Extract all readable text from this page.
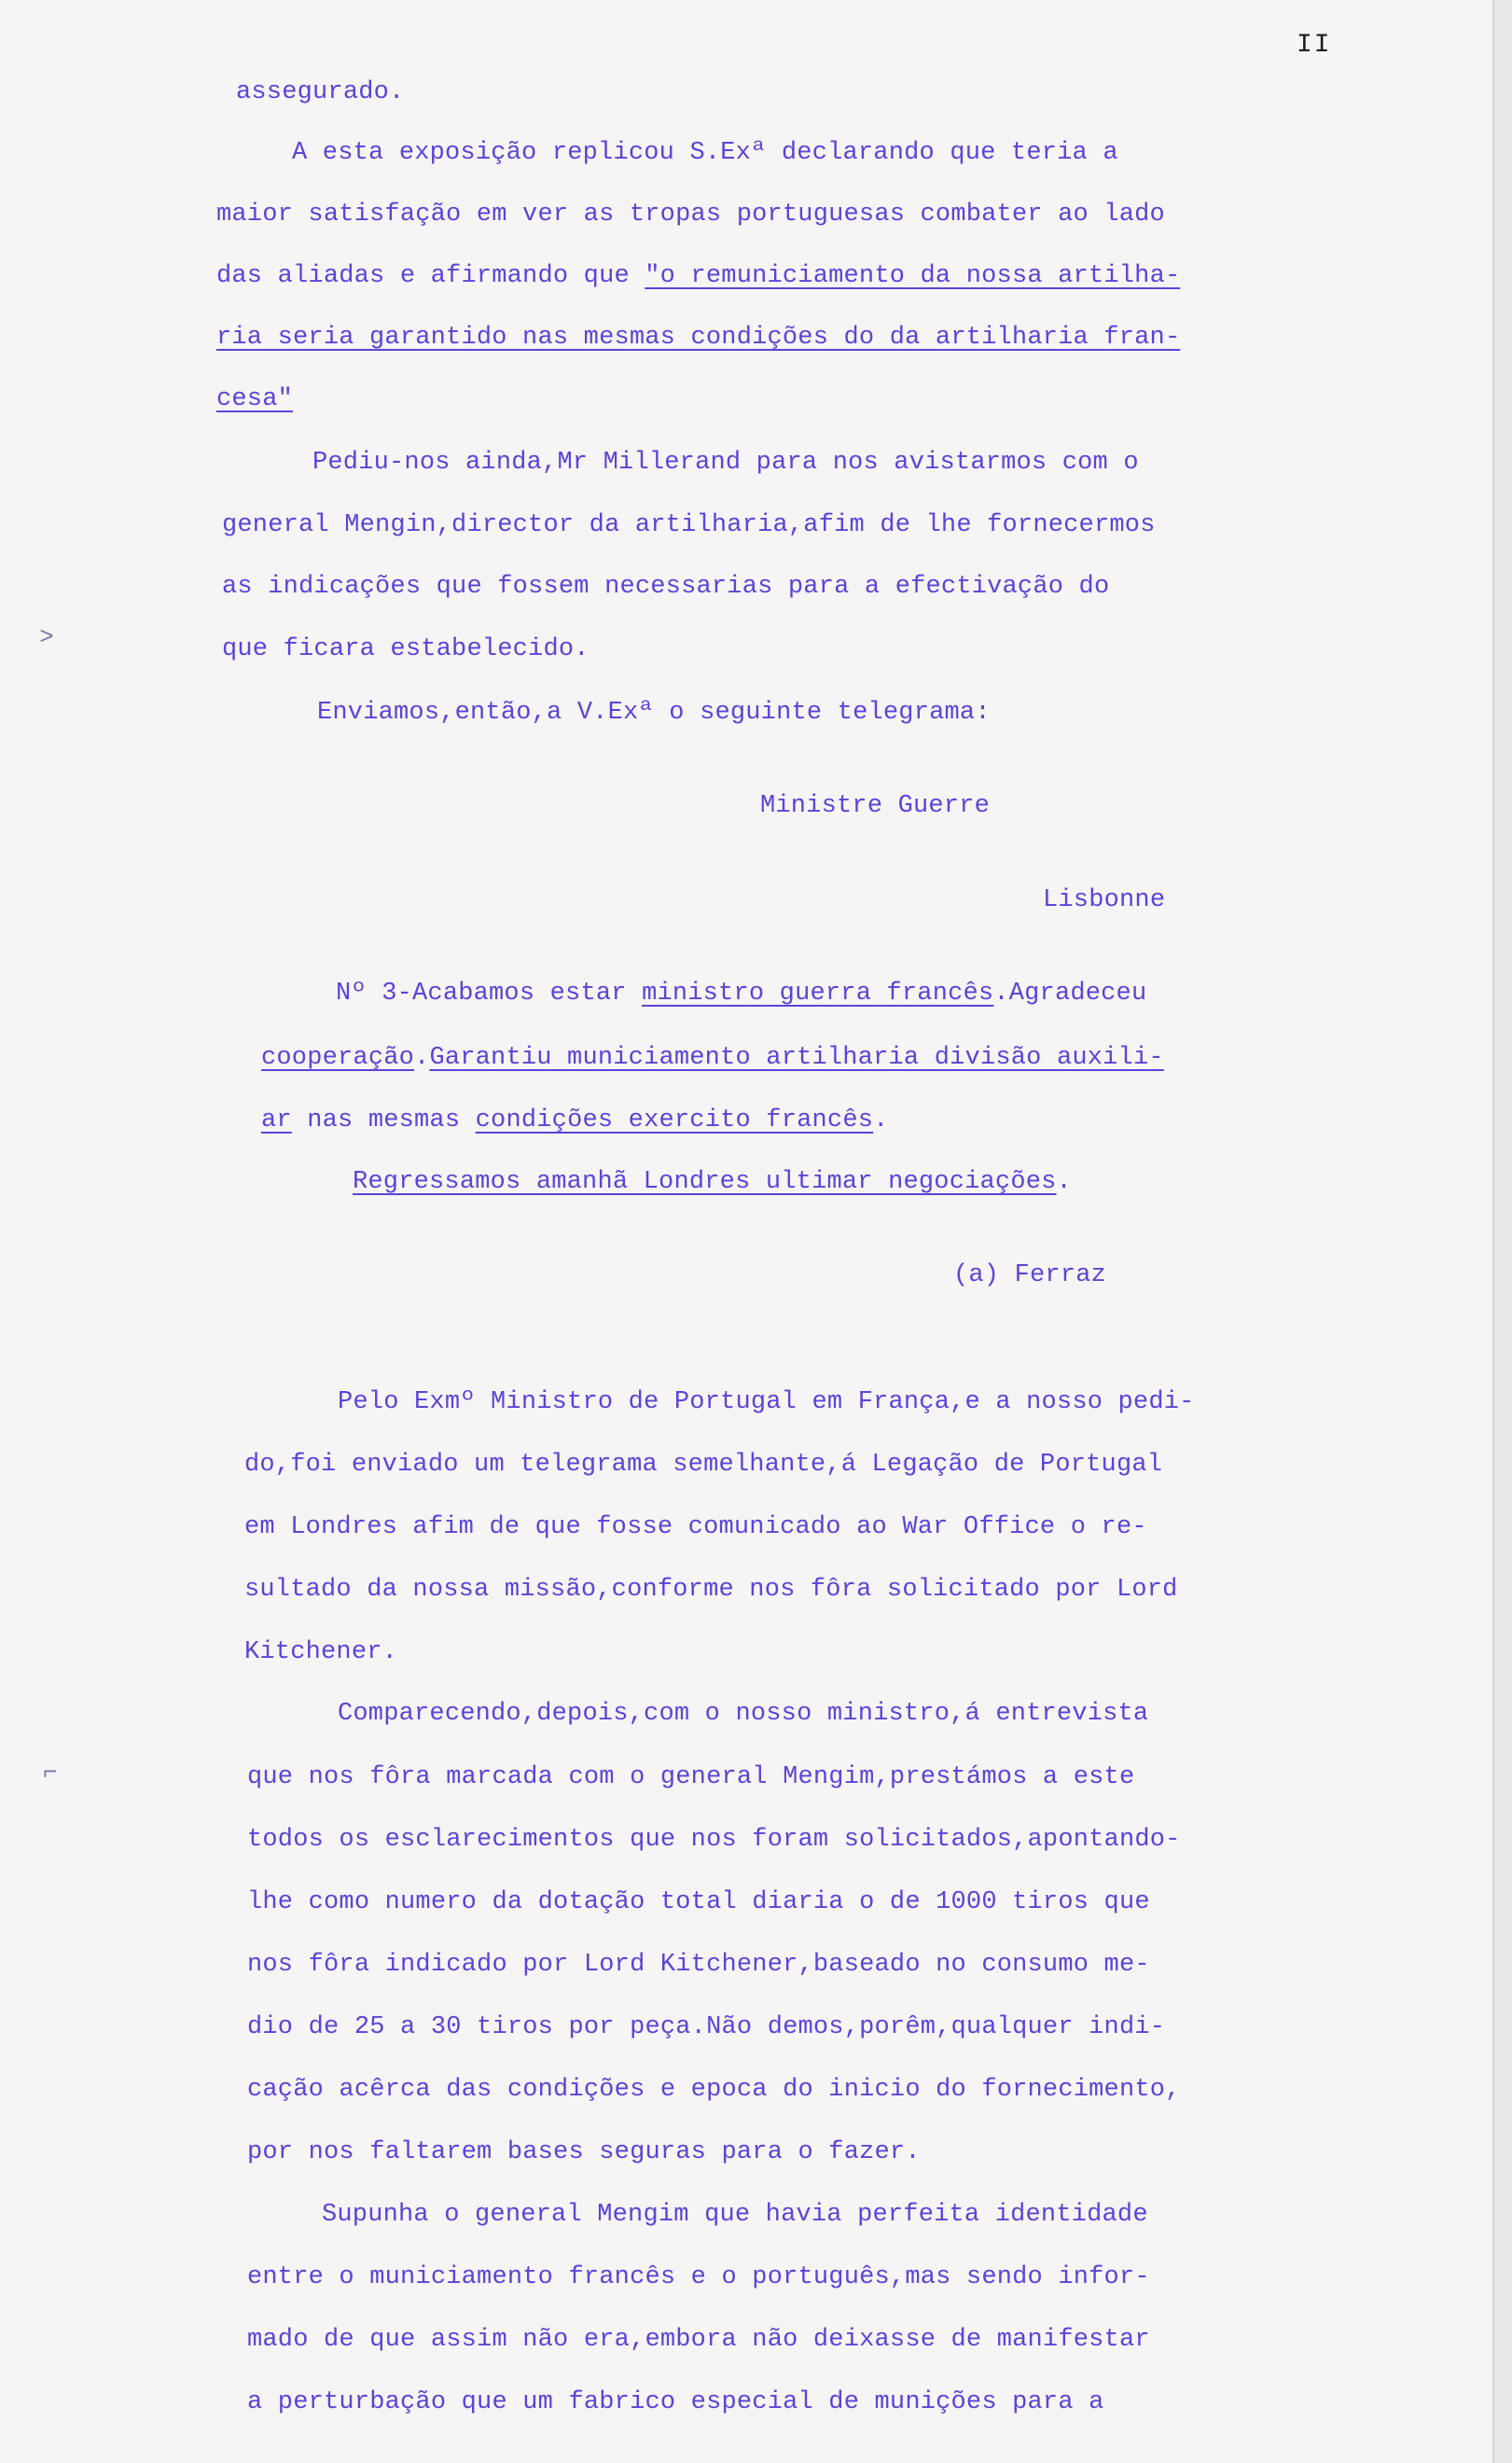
II
assegurado.
A esta exposição replicou S.Exª declarando que teria a
maior satisfação em ver as tropas portuguesas combater ao lado
das aliadas e afirmando que "o remuniciamento da nossa artilha-
ria seria garantido nas mesmas condições do da artilharia fran-
cesa"
Pediu-nos ainda,Mr Millerand para nos avistarmos com o
general Mengin,director da artilharia,afim de lhe fornecermos
as indicações que fossem necessarias para a efectivação do
que ficara estabelecido.
Enviamos,então,a V.Exª o seguinte telegrama:
Ministre Guerre
Lisbonne
Nº 3-Acabamos estar ministro guerra francês.Agradeceu
cooperação.Garantiu municiamento artilharia divisão auxili-
ar nas mesmas condições exercito francês.
Regressamos amanhã Londres ultimar negociações.
(a) Ferraz
Pelo Exmº Ministro de Portugal em França,e a nosso pedi-
do,foi enviado um telegrama semelhante,á Legação de Portugal
em Londres afim de que fosse comunicado ao War Office o re-
sultado da nossa missão,conforme nos fôra solicitado por Lord
Kitchener.
Comparecendo,depois,com o nosso ministro,á entrevista
que nos fôra marcada com o general Mengim,prestámos a este
todos os esclarecimentos que nos foram solicitados,apontando-
lhe como numero da dotação total diaria o de 1000 tiros que
nos fôra indicado por Lord Kitchener,baseado no consumo me-
dio de 25 a 30 tiros por peça.Não demos,porêm,qualquer indi-
cação acêrca das condições e epoca do inicio do fornecimento,
por nos faltarem bases seguras para o fazer.
Supunha o general Mengim que havia perfeita identidade
entre o municiamento francês e o português,mas sendo infor-
mado de que assim não era,embora não deixasse de manifestar
a perturbação que um fabrico especial de munições para a
˃
⌐
